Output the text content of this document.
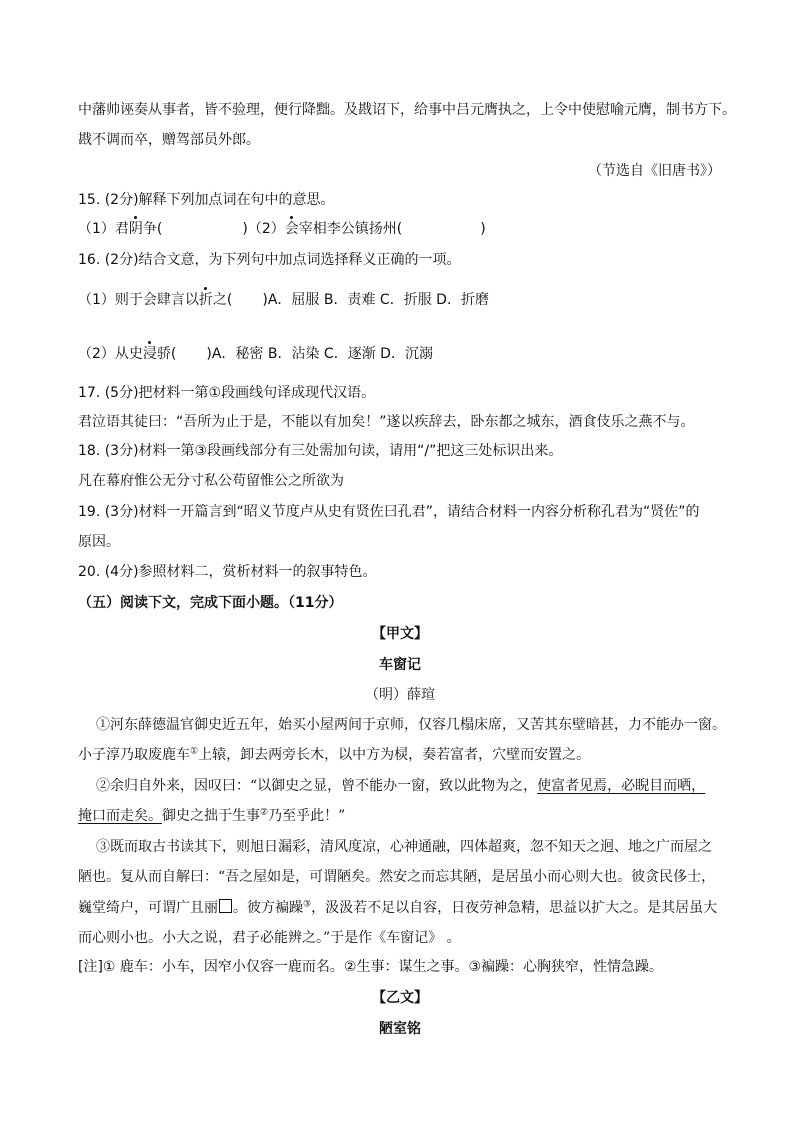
中藩帅诬奏从事者，皆不验理，便行降黜。及戡诏下，给事中吕元膺执之，上令中使慰喻元膺，制书方下。
戡不调而卒，赠驾部员外郎。
（节选自《旧唐书》）
15. (2分)解释下列加点词在句中的意思。
（1）君阴争(	)（2）会宰相李公镇扬州(	)
16. (2分)结合文意，为下列句中加点词选择释义正确的一项。
（1）则于会肆言以折之( )A．屈服 B．责难 C．折服 D．折磨
（2）从史浸骄( )A．秘密 B．沾染 C．逐渐 D．沉溺
17. (5分)把材料一第①段画线句译成现代汉语。
君泣语其徒曰：“吾所为止于是，不能以有加矣！”遂以疾辞去，卧东都之城东，酒食伎乐之燕不与。
18. (3分)材料一第③段画线部分有三处需加句读，请用“/”把这三处标识出来。
凡在幕府惟公无分寸私公苟留惟公之所欲为
19. (3分)材料一开篇言到“昭义节度卢从史有贤佐曰孔君”，请结合材料一内容分析称孔君为“贤佐”的
原因。
20. (4分)参照材料二，赏析材料一的叙事特色。
（五）阅读下文，完成下面小题。（11分）
【甲文】
车窗记
（明）薛瑄
①河东薛德温官御史近五年，始买小屋两间于京师，仅容几榻床席，又苦其东壁暗甚，力不能办一窗。
小子淳乃取废鹿车①上辕，卸去两旁长木，以中方为棂，奏若富者，穴壁而安置之。
②余归自外来，因叹曰：“以御史之显，曾不能办一窗，致以此物为之，使富者见焉，必睨目而哂，
掩口而走矣。御史之拙于生事②乃至乎此！”
③既而取古书读其下，则旭日漏彩，清风度凉，心神通融，四体超爽，忽不知天之迥、地之广而屋之
陋也。复从而自解曰：“吾之屋如是，可谓陋矣。然安之而忘其陋，是居虽小而心则大也。彼贪民侈士，
巍堂绮户，可谓广且丽 。彼方褊躁③，汲汲若不足以自容，日夜劳神急精，思益以扩大之。是其居虽大
而心则小也。小大之说，君子必能辨之。”于是作《车窗记》 。
[注]① 鹿车：小车，因窄小仅容一鹿而名。②生事：谋生之事。③褊躁：心胸狭窄，性情急躁。
【乙文】
陋室铭
